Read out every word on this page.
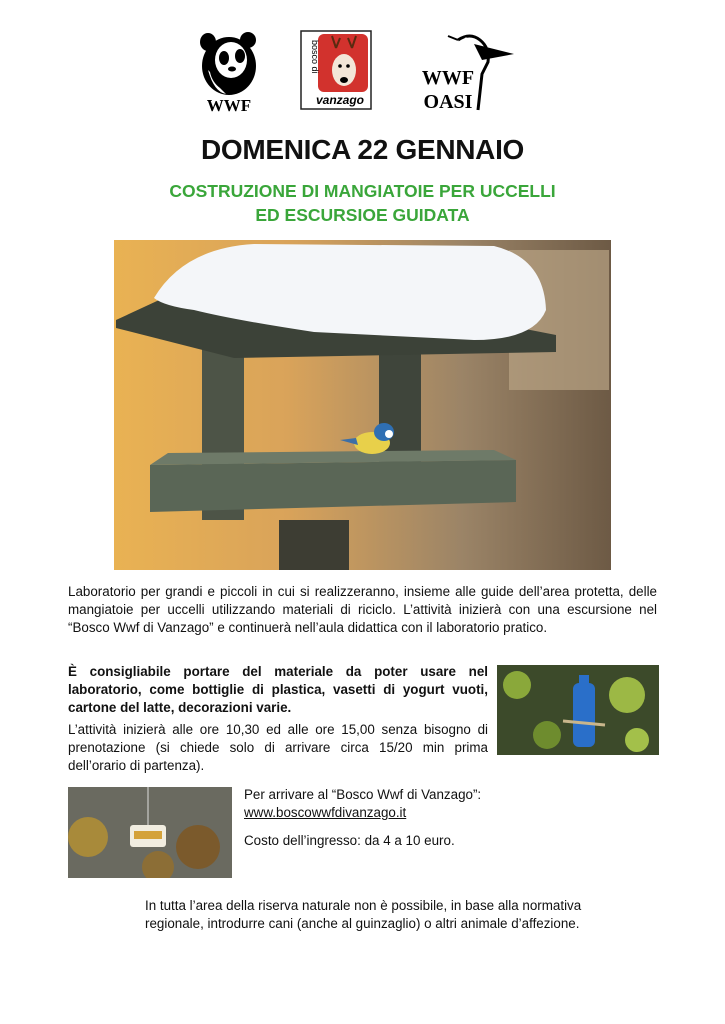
WWF
bosco di
vanzago
WWF
OASI
DOMENICA 22 GENNAIO
COSTRUZIONE DI MANGIATOIE PER UCCELLI
ED ESCURSIOE GUIDATA
Laboratorio per grandi e piccoli in cui si realizzeranno, insieme alle guide dell’area protetta, delle mangiatoie per uccelli utilizzando materiali di riciclo. L’attività inizierà con una escursione nel “Bosco Wwf di Vanzago” e continuerà nell’aula didattica con il laboratorio pratico.
È consigliabile portare del materiale da poter usare nel laboratorio, come bottiglie di plastica, vasetti di yogurt vuoti, cartone del latte, decorazioni varie.
L’attività inizierà alle ore 10,30 ed alle ore 15,00 senza bisogno di prenotazione (si chiede solo di arrivare circa 15/20 min prima dell’orario di partenza).
Per arrivare al “Bosco Wwf di Vanzago”:
www.boscowwfdivanzago.it
Costo dell’ingresso: da 4 a 10 euro.
In tutta l’area della riserva naturale non è possibile, in base alla normativa regionale, introdurre cani (anche al guinzaglio) o altri animale d’affezione.
